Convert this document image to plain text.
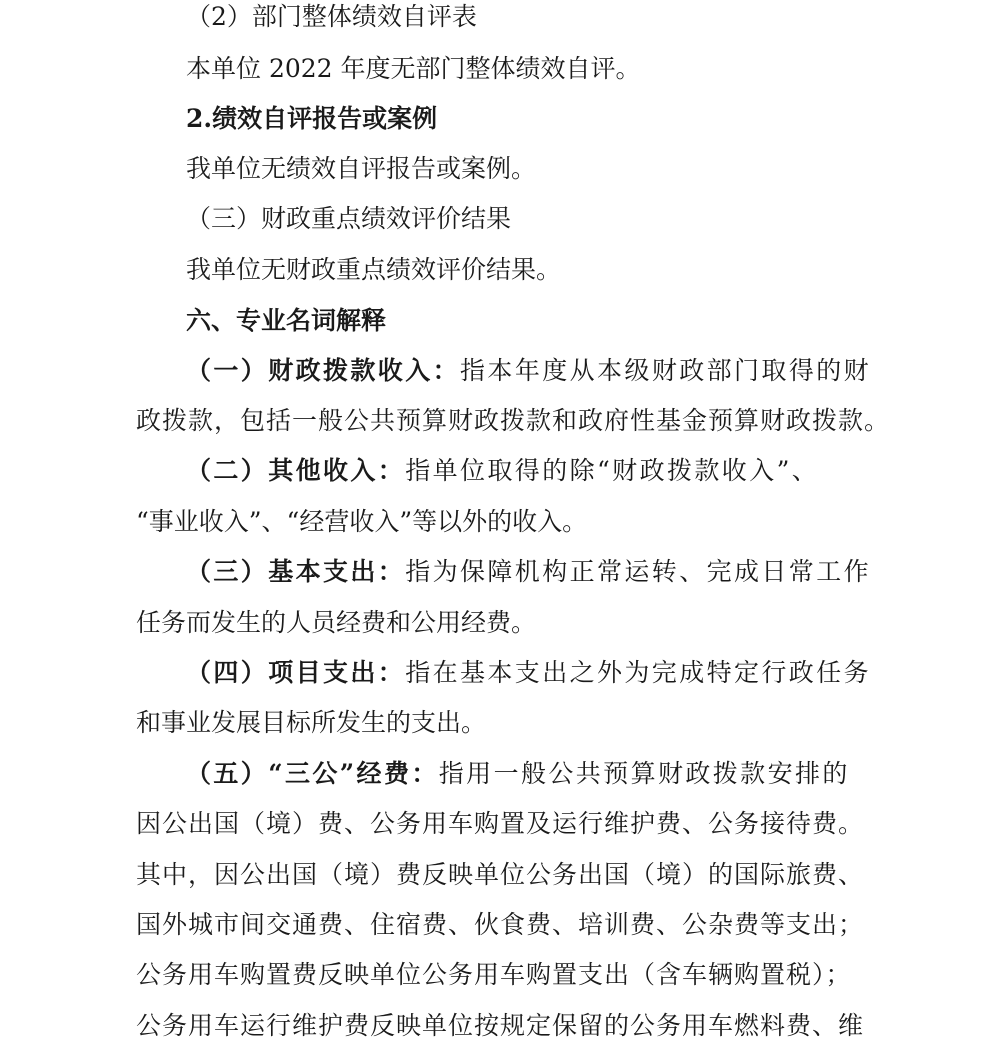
（2）部门整体绩效自评表
本单位 2022 年度无部门整体绩效自评。
2.绩效自评报告或案例
我单位无绩效自评报告或案例。
（三）财政重点绩效评价结果
我单位无财政重点绩效评价结果。
六、专业名词解释
（一）财政拨款收入：指本年度从本级财政部门取得的财
政拨款，包括一般公共预算财政拨款和政府性基金预算财政拨款。
（二）其他收入：指单位取得的除“财政拨款收入”、
“事业收入”、“经营收入”等以外的收入。
（三）基本支出：指为保障机构正常运转、完成日常工作
任务而发生的人员经费和公用经费。
（四）项目支出：指在基本支出之外为完成特定行政任务
和事业发展目标所发生的支出。
（五）“三公”经费：指用一般公共预算财政拨款安排的
因公出国（境）费、公务用车购置及运行维护费、公务接待费。
其中，因公出国（境）费反映单位公务出国（境）的国际旅费、
国外城市间交通费、住宿费、伙食费、培训费、公杂费等支出；
公务用车购置费反映单位公务用车购置支出（含车辆购置税）；
公务用车运行维护费反映单位按规定保留的公务用车燃料费、维
